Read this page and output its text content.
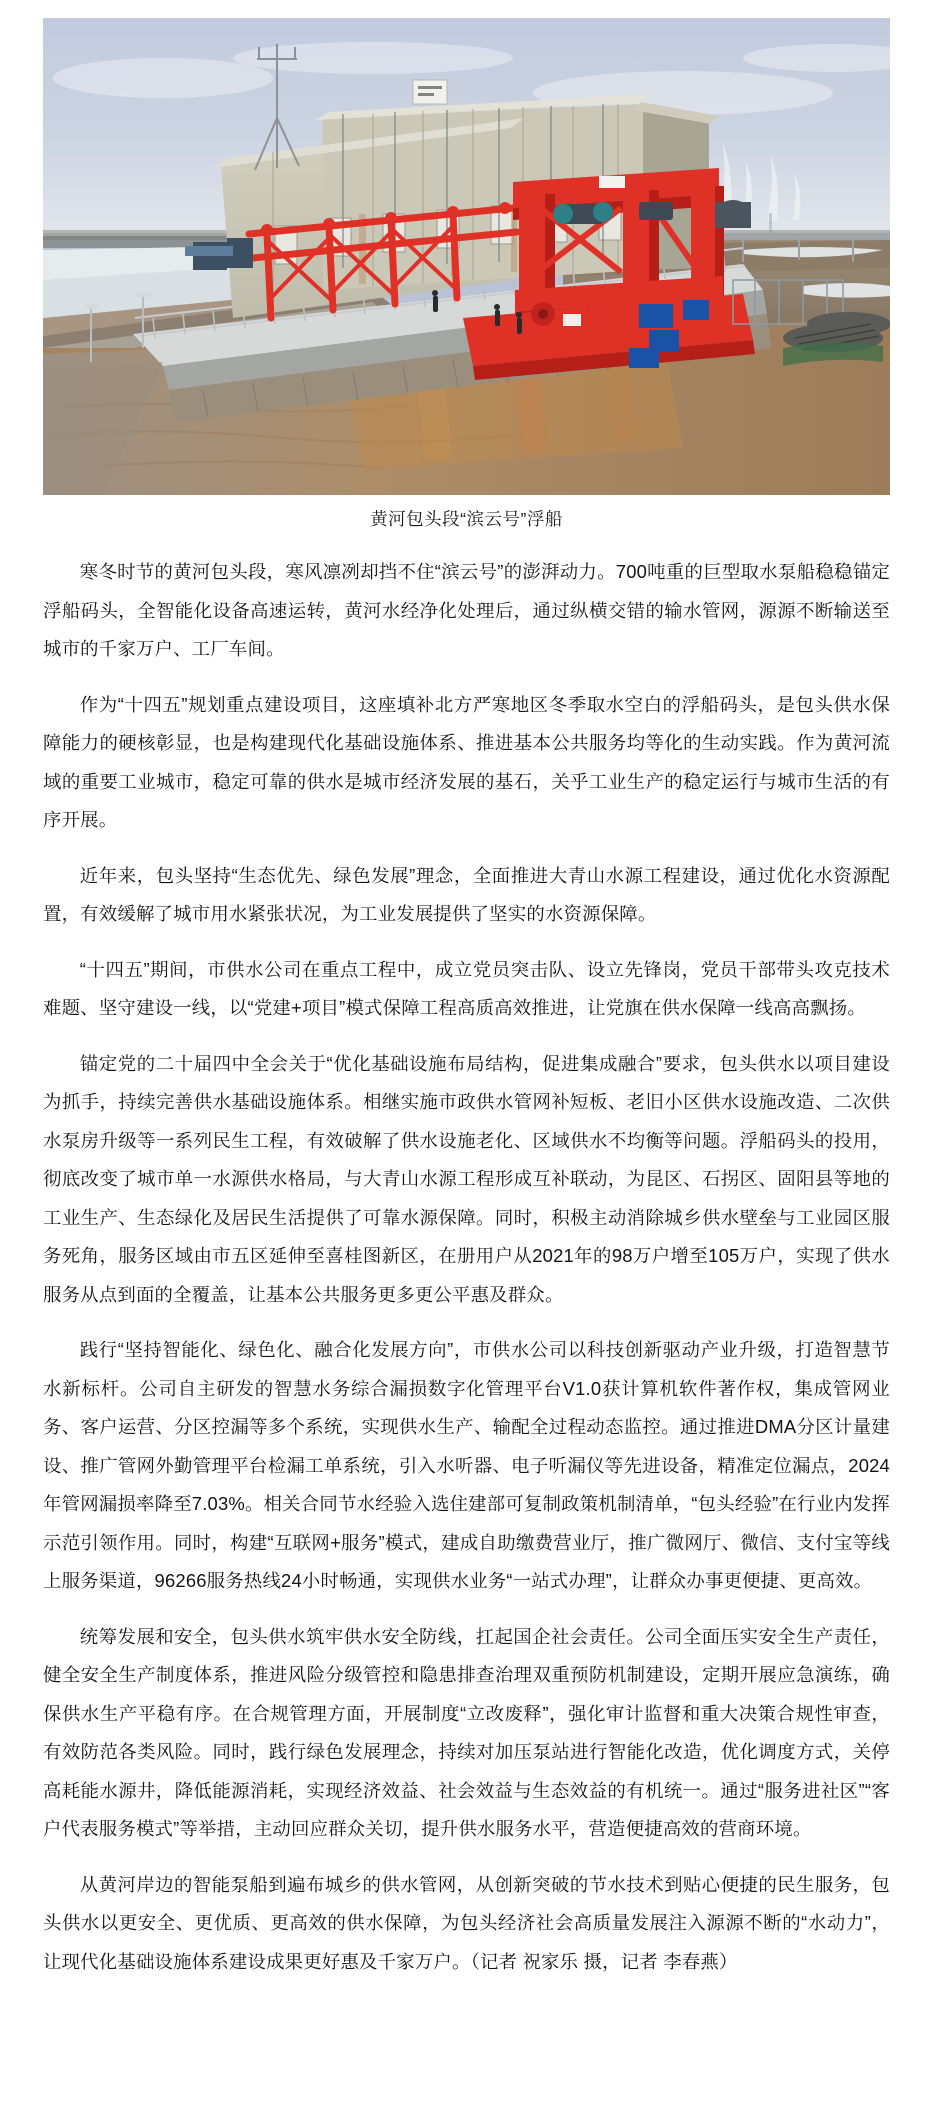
黄河包头段“滨云号”浮船

寒冬时节的黄河包头段，寒风凛冽却挡不住“滨云号”的澎湃动力。700吨重的巨型取水泵船稳稳锚定浮船码头，全智能化设备高速运转，黄河水经净化处理后，通过纵横交错的输水管网，源源不断输送至城市的千家万户、工厂车间。

作为“十四五”规划重点建设项目，这座填补北方严寒地区冬季取水空白的浮船码头，是包头供水保障能力的硬核彰显，也是构建现代化基础设施体系、推进基本公共服务均等化的生动实践。作为黄河流域的重要工业城市，稳定可靠的供水是城市经济发展的基石，关乎工业生产的稳定运行与城市生活的有序开展。

近年来，包头坚持“生态优先、绿色发展”理念，全面推进大青山水源工程建设，通过优化水资源配置，有效缓解了城市用水紧张状况，为工业发展提供了坚实的水资源保障。

“十四五”期间，市供水公司在重点工程中，成立党员突击队、设立先锋岗，党员干部带头攻克技术难题、坚守建设一线，以“党建+项目”模式保障工程高质高效推进，让党旗在供水保障一线高高飘扬。

锚定党的二十届四中全会关于“优化基础设施布局结构，促进集成融合”要求，包头供水以项目建设为抓手，持续完善供水基础设施体系。相继实施市政供水管网补短板、老旧小区供水设施改造、二次供水泵房升级等一系列民生工程，有效破解了供水设施老化、区域供水不均衡等问题。浮船码头的投用，彻底改变了城市单一水源供水格局，与大青山水源工程形成互补联动，为昆区、石拐区、固阳县等地的工业生产、生态绿化及居民生活提供了可靠水源保障。同时，积极主动消除城乡供水壁垒与工业园区服务死角，服务区域由市五区延伸至喜桂图新区，在册用户从2021年的98万户增至105万户，实现了供水服务从点到面的全覆盖，让基本公共服务更多更公平惠及群众。

践行“坚持智能化、绿色化、融合化发展方向”，市供水公司以科技创新驱动产业升级，打造智慧节水新标杆。公司自主研发的智慧水务综合漏损数字化管理平台V1.0获计算机软件著作权，集成管网业务、客户运营、分区控漏等多个系统，实现供水生产、输配全过程动态监控。通过推进DMA分区计量建设、推广管网外勤管理平台检漏工单系统，引入水听器、电子听漏仪等先进设备，精准定位漏点，2024年管网漏损率降至7.03%。相关合同节水经验入选住建部可复制政策机制清单，“包头经验”在行业内发挥示范引领作用。同时，构建“互联网+服务”模式，建成自助缴费营业厅，推广微网厅、微信、支付宝等线上服务渠道，96266服务热线24小时畅通，实现供水业务“一站式办理”，让群众办事更便捷、更高效。

统筹发展和安全，包头供水筑牢供水安全防线，扛起国企社会责任。公司全面压实安全生产责任，健全安全生产制度体系，推进风险分级管控和隐患排查治理双重预防机制建设，定期开展应急演练，确保供水生产平稳有序。在合规管理方面，开展制度“立改废释”，强化审计监督和重大决策合规性审查，有效防范各类风险。同时，践行绿色发展理念，持续对加压泵站进行智能化改造，优化调度方式，关停高耗能水源井，降低能源消耗，实现经济效益、社会效益与生态效益的有机统一。通过“服务进社区”“客户代表服务模式”等举措，主动回应群众关切，提升供水服务水平，营造便捷高效的营商环境。

从黄河岸边的智能泵船到遍布城乡的供水管网，从创新突破的节水技术到贴心便捷的民生服务，包头供水以更安全、更优质、更高效的供水保障，为包头经济社会高质量发展注入源源不断的“水动力”，让现代化基础设施体系建设成果更好惠及千家万户。（记者 祝家乐 摄，记者 李春燕）
